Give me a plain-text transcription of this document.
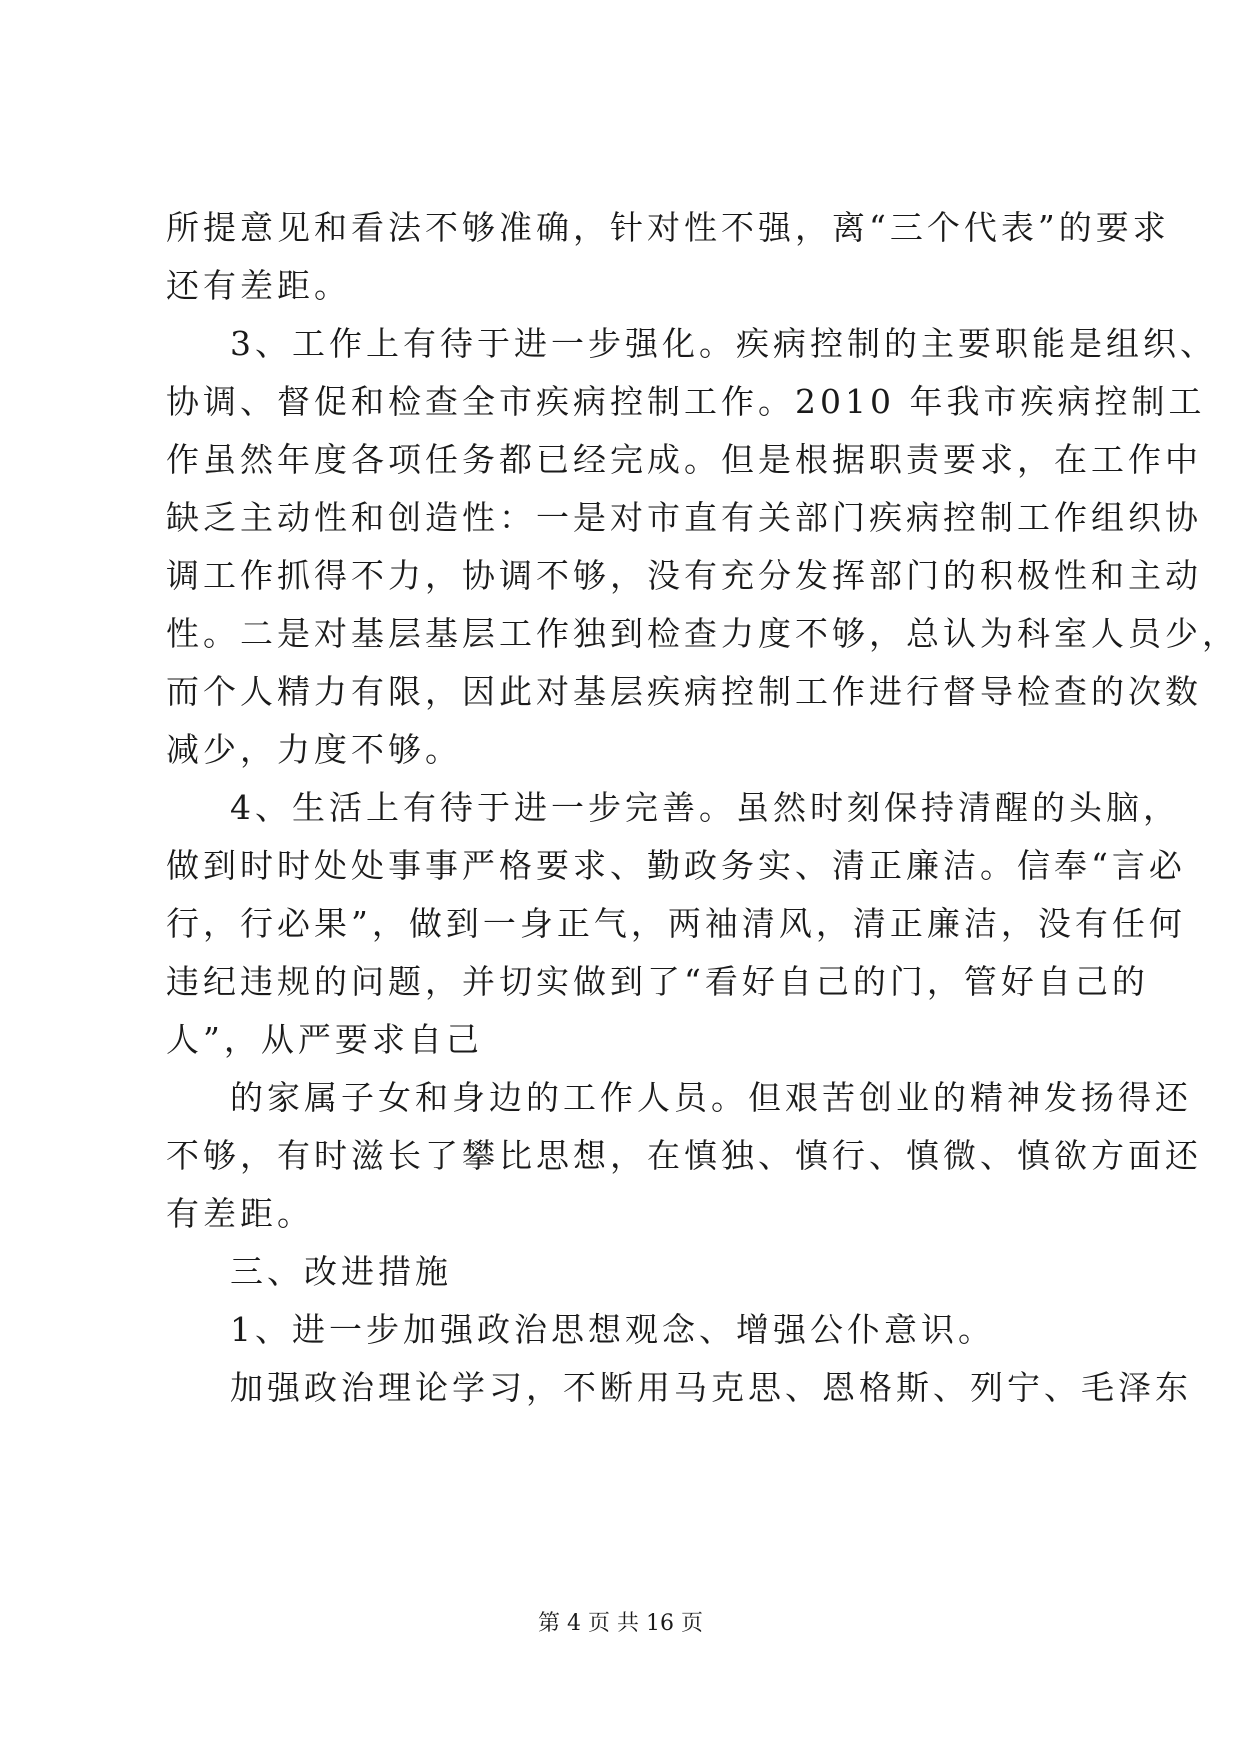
所提意见和看法不够准确，针对性不强，离“三个代表”的要求
还有差距。
3、工作上有待于进一步强化。疾病控制的主要职能是组织、
协调、督促和检查全市疾病控制工作。2010 年我市疾病控制工
作虽然年度各项任务都已经完成。但是根据职责要求，在工作中
缺乏主动性和创造性：一是对市直有关部门疾病控制工作组织协
调工作抓得不力，协调不够，没有充分发挥部门的积极性和主动
性。二是对基层基层工作独到检查力度不够，总认为科室人员少，
而个人精力有限，因此对基层疾病控制工作进行督导检查的次数
减少，力度不够。
4、生活上有待于进一步完善。虽然时刻保持清醒的头脑，
做到时时处处事事严格要求、勤政务实、清正廉洁。信奉“言必
行，行必果”，做到一身正气，两袖清风，清正廉洁，没有任何
违纪违规的问题，并切实做到了“看好自己的门，管好自己的
人”，从严要求自己
的家属子女和身边的工作人员。但艰苦创业的精神发扬得还
不够，有时滋长了攀比思想，在慎独、慎行、慎微、慎欲方面还
有差距。
三、改进措施
1、进一步加强政治思想观念、增强公仆意识。
加强政治理论学习，不断用马克思、恩格斯、列宁、毛泽东
第 4 页 共 16 页
